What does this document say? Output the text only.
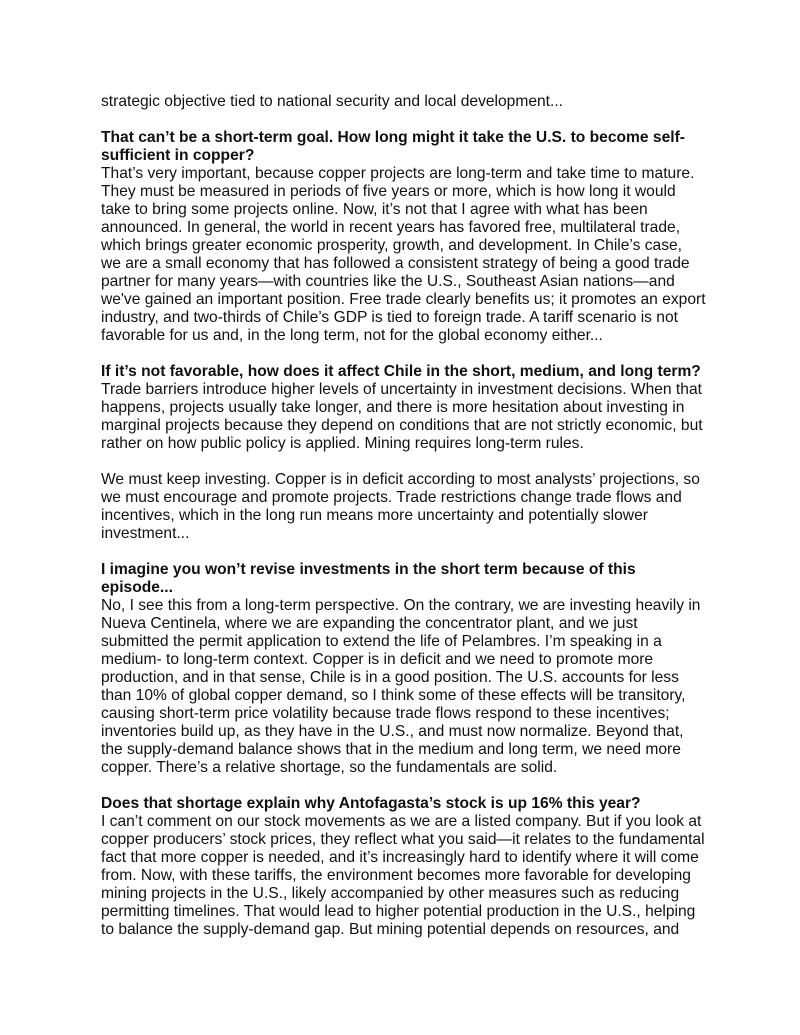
strategic objective tied to national security and local development...

That can’t be a short-term goal. How long might it take the U.S. to become self-sufficient in copper?

That’s very important, because copper projects are long-term and take time to mature. They must be measured in periods of five years or more, which is how long it would take to bring some projects online. Now, it’s not that I agree with what has been announced. In general, the world in recent years has favored free, multilateral trade, which brings greater economic prosperity, growth, and development. In Chile’s case, we are a small economy that has followed a consistent strategy of being a good trade partner for many years—with countries like the U.S., Southeast Asian nations—and we've gained an important position. Free trade clearly benefits us; it promotes an export industry, and two-thirds of Chile’s GDP is tied to foreign trade. A tariff scenario is not favorable for us and, in the long term, not for the global economy either...

If it’s not favorable, how does it affect Chile in the short, medium, and long term?

Trade barriers introduce higher levels of uncertainty in investment decisions. When that happens, projects usually take longer, and there is more hesitation about investing in marginal projects because they depend on conditions that are not strictly economic, but rather on how public policy is applied. Mining requires long-term rules.

We must keep investing. Copper is in deficit according to most analysts’ projections, so we must encourage and promote projects. Trade restrictions change trade flows and incentives, which in the long run means more uncertainty and potentially slower investment...

I imagine you won’t revise investments in the short term because of this episode...

No, I see this from a long-term perspective. On the contrary, we are investing heavily in Nueva Centinela, where we are expanding the concentrator plant, and we just submitted the permit application to extend the life of Pelambres. I’m speaking in a medium- to long-term context. Copper is in deficit and we need to promote more production, and in that sense, Chile is in a good position. The U.S. accounts for less than 10% of global copper demand, so I think some of these effects will be transitory, causing short-term price volatility because trade flows respond to these incentives; inventories build up, as they have in the U.S., and must now normalize. Beyond that, the supply-demand balance shows that in the medium and long term, we need more copper. There’s a relative shortage, so the fundamentals are solid.

Does that shortage explain why Antofagasta’s stock is up 16% this year?

I can’t comment on our stock movements as we are a listed company. But if you look at copper producers’ stock prices, they reflect what you said—it relates to the fundamental fact that more copper is needed, and it’s increasingly hard to identify where it will come from. Now, with these tariffs, the environment becomes more favorable for developing mining projects in the U.S., likely accompanied by other measures such as reducing permitting timelines. That would lead to higher potential production in the U.S., helping to balance the supply-demand gap. But mining potential depends on resources, and
